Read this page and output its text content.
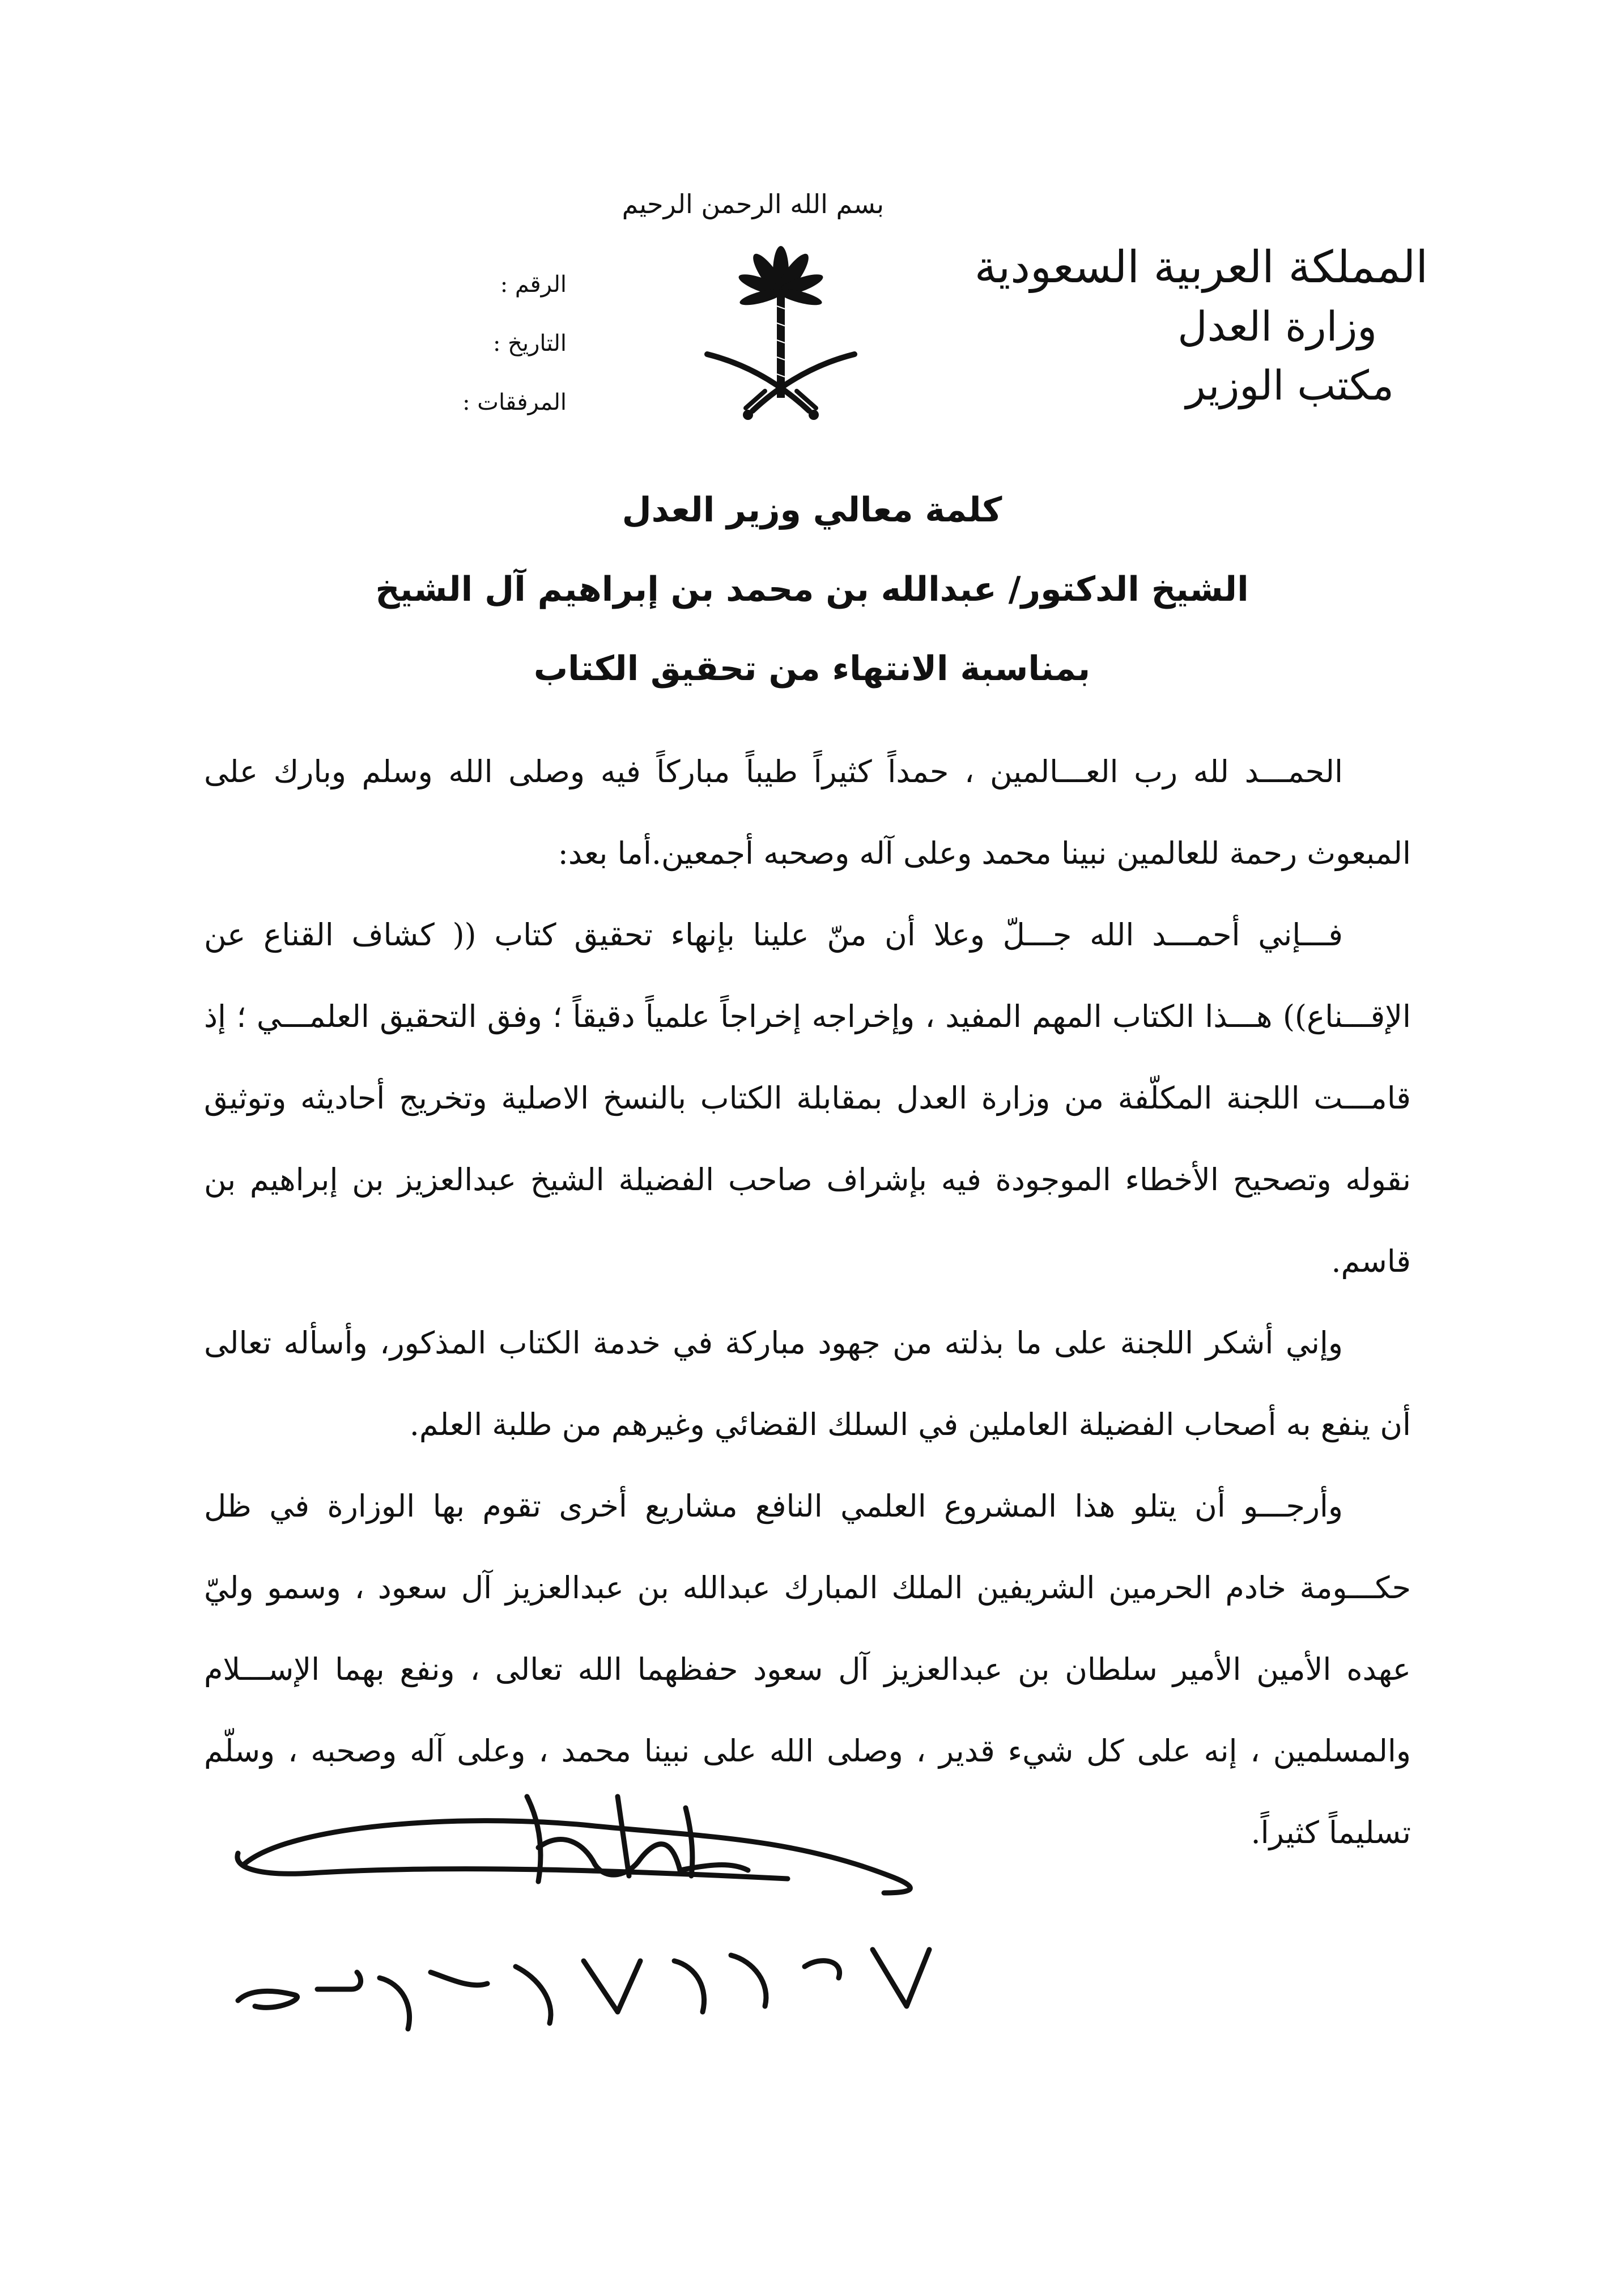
بسم الله الرحمن الرحيم
المملكة العربية السعودية
وزارة العدل
مكتب الوزير
الرقم :
التاريخ :
المرفقات :
كلمة معالي وزير العدل
الشيخ الدكتور/ عبدالله بن محمد بن إبراهيم آل الشيخ
بمناسبة الانتهاء من تحقيق الكتاب

الحمـــد لله رب العـــالمين ، حمداً كثيراً طيباً مباركاً فيه وصلى الله وسلم وبارك على المبعوث رحمة للعالمين نبينا محمد وعلى آله وصحبه أجمعين.أما بعد:

فـــإني أحمـــد الله جـــلّ وعلا أن منّ علينا بإنهاء تحقيق كتاب (( كشاف القناع عن الإقـــناع)) هـــذا الكتاب المهم المفيد ، وإخراجه إخراجاً علمياً دقيقاً ؛ وفق التحقيق العلمـــي ؛ إذ قامـــت اللجنة المكلّفة من وزارة العدل بمقابلة الكتاب بالنسخ الاصلية وتخريج أحاديثه وتوثيق نقوله وتصحيح الأخطاء الموجودة فيه بإشراف صاحب الفضيلة الشيخ عبدالعزيز بن إبراهيم بن قاسم.

وإني أشكر اللجنة على ما بذلته من جهود مباركة في خدمة الكتاب المذكور، وأسأله تعالى أن ينفع به أصحاب الفضيلة العاملين في السلك القضائي وغيرهم من طلبة العلم.

وأرجـــو أن يتلو هذا المشروع العلمي النافع مشاريع أخرى تقوم بها الوزارة في ظل حكـــومة خادم الحرمين الشريفين الملك المبارك عبدالله بن عبدالعزيز آل سعود ، وسمو وليّ عهده الأمين الأمير سلطان بن عبدالعزيز آل سعود حفظهما الله تعالى ، ونفع بهما الإســـلام والمسلمين ، إنه على كل شيء قدير ، وصلى الله على نبينا محمد ، وعلى آله وصحبه ، وسلّم تسليماً كثيراً.

١٤٢٨/١٢/٢٧هـ
